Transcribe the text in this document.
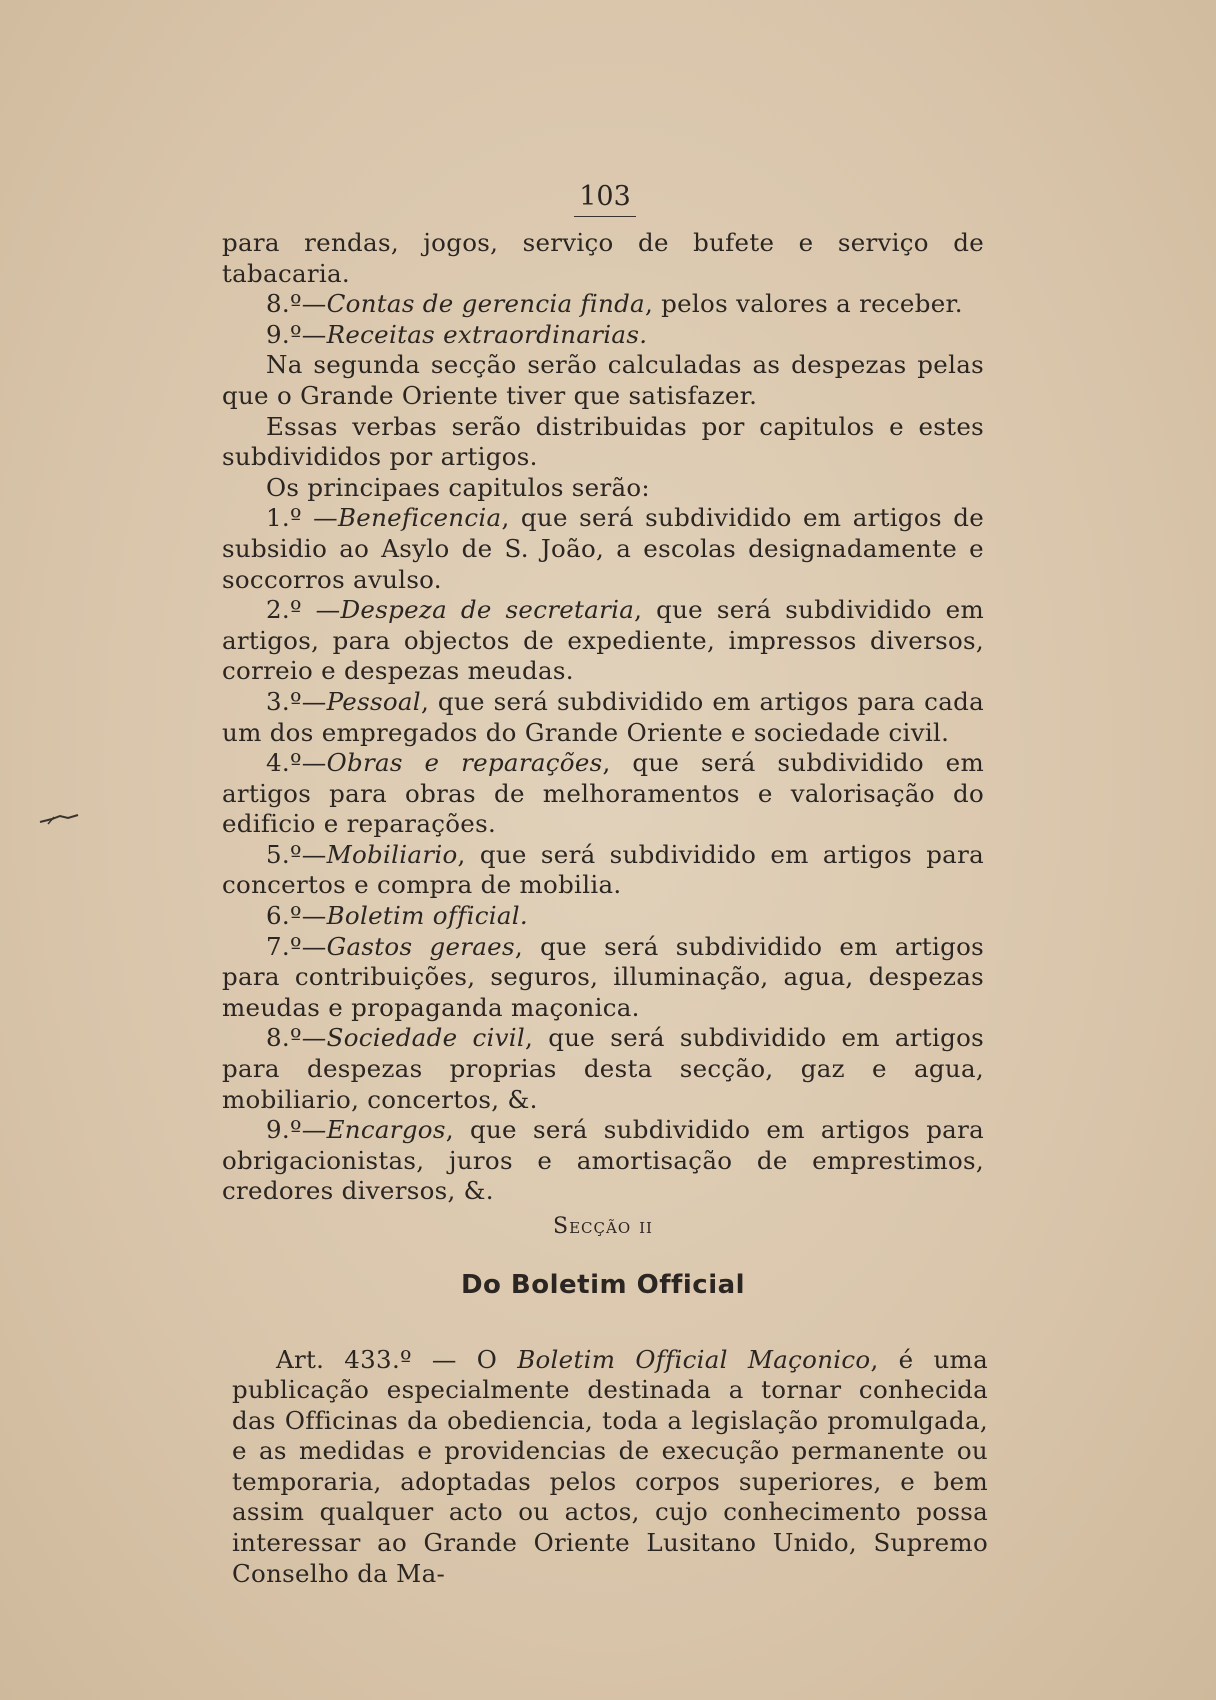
103

para rendas, jogos, serviço de bufete e serviço de tabacaria.

8.º—Contas de gerencia finda, pelos valores a receber.

9.º—Receitas extraordinarias.

Na segunda secção serão calculadas as despezas pelas que o Grande Oriente tiver que satisfazer.

Essas verbas serão distribuidas por capitulos e estes subdivididos por artigos.

Os principaes capitulos serão:

1.º —Beneficencia, que será subdividido em artigos de subsidio ao Asylo de S. João, a escolas designadamente e soccorros avulso.

2.º —Despeza de secretaria, que será subdividido em artigos, para objectos de expediente, impressos diversos, correio e despezas meudas.

3.º—Pessoal, que será subdividido em artigos para cada um dos empregados do Grande Oriente e sociedade civil.

4.º—Obras e reparações, que será subdividido em artigos para obras de melhoramentos e valorisação do edificio e reparações.

5.º—Mobiliario, que será subdividido em artigos para concertos e compra de mobilia.

6.º—Boletim official.

7.º—Gastos geraes, que será subdividido em artigos para contribuições, seguros, illuminação, agua, despezas meudas e propaganda maçonica.

8.º—Sociedade civil, que será subdividido em artigos para despezas proprias desta secção, gaz e agua, mobiliario, concertos, &.

9.º—Encargos, que será subdividido em artigos para obrigacionistas, juros e amortisação de emprestimos, credores diversos, &.

Secção ii
Do Boletim Official

Art. 433.º — O Boletim Official Maçonico, é uma publicação especialmente destinada a tornar conhecida das Officinas da obediencia, toda a legislação promulgada, e as medidas e providencias de execução permanente ou temporaria, adoptadas pelos corpos superiores, e bem assim qualquer acto ou actos, cujo conhecimento possa interessar ao Grande Oriente Lusitano Unido, Supremo Conselho da Ma-
